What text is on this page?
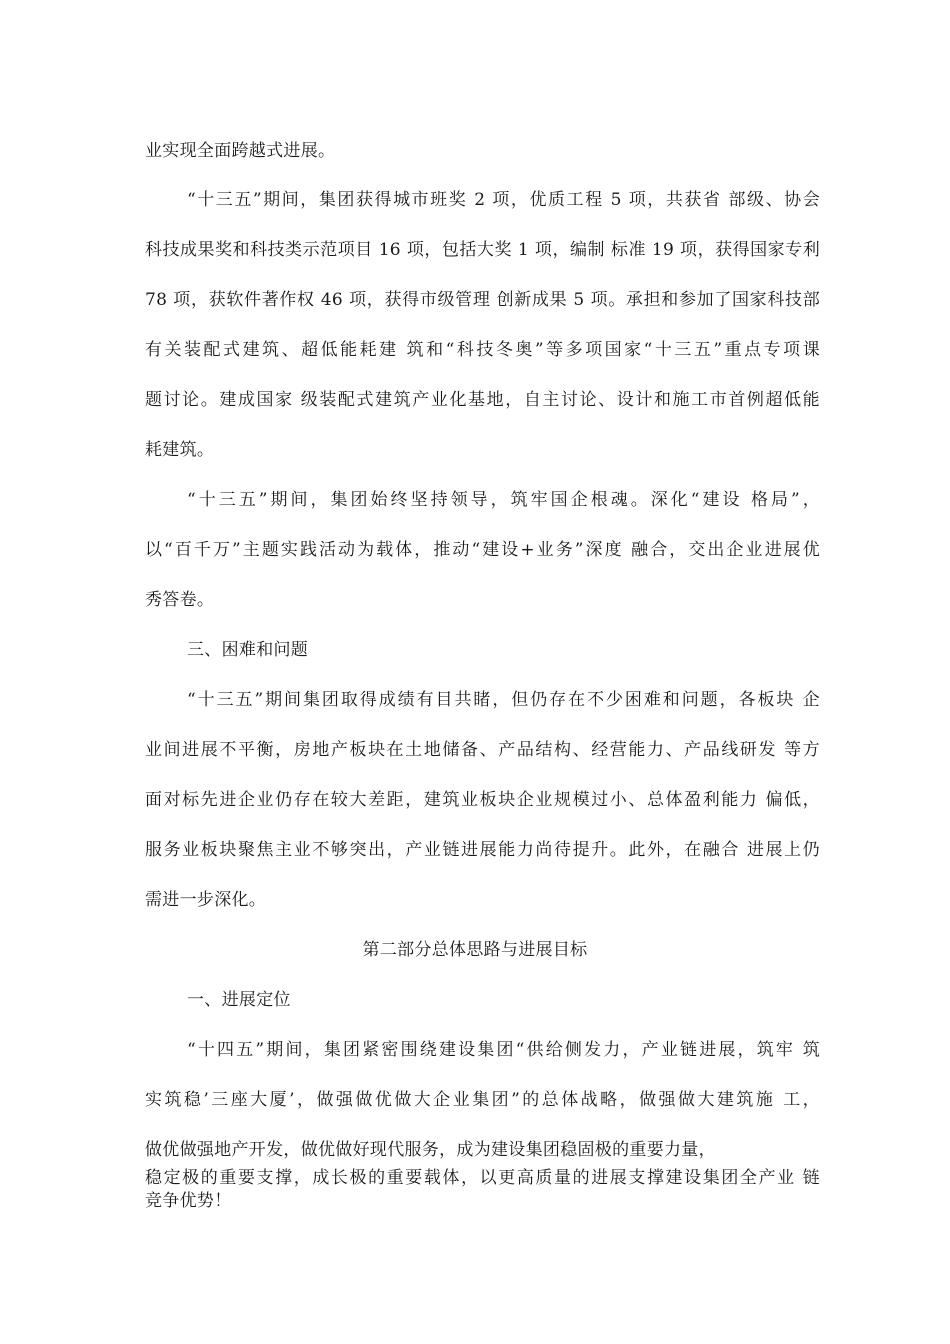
业实现全面跨越式进展。
“十三五”期间，集团获得城市班奖 2 项，优质工程 5 项，共获省 部级、协会
科技成果奖和科技类示范项目 16 项，包括大奖 1 项，编制 标准 19 项，获得国家专利
78 项，获软件著作权 46 项，获得市级管理 创新成果 5 项。承担和参加了国家科技部
有关装配式建筑、超低能耗建 筑和“科技冬奥”等多项国家“十三五”重点专项课
题讨论。建成国家 级装配式建筑产业化基地，自主讨论、设计和施工市首例超低能
耗建筑。
“十三五”期间，集团始终坚持领导，筑牢国企根魂。深化“建设 格局”，
以“百千万”主题实践活动为载体，推动“建设+业务”深度 融合，交出企业进展优
秀答卷。
三、困难和问题
“十三五”期间集团取得成绩有目共睹，但仍存在不少困难和问题，各板块 企
业间进展不平衡，房地产板块在土地储备、产品结构、经营能力、产品线研发 等方
面对标先进企业仍存在较大差距，建筑业板块企业规模过小、总体盈利能力 偏低，
服务业板块聚焦主业不够突出，产业链进展能力尚待提升。此外，在融合 进展上仍
需进一步深化。
第二部分总体思路与进展目标
一、进展定位
“十四五”期间，集团紧密围绕建设集团“供给侧发力，产业链进展，筑牢 筑
实筑稳’三座大厦’，做强做优做大企业集团”的总体战略，做强做大建筑施 工，
做优做强地产开发，做优做好现代服务，成为建设集团稳固极的重要力量，
稳定极的重要支撑，成长极的重要载体，以更高质量的进展支撑建设集团全产业 链
竞争优势！
